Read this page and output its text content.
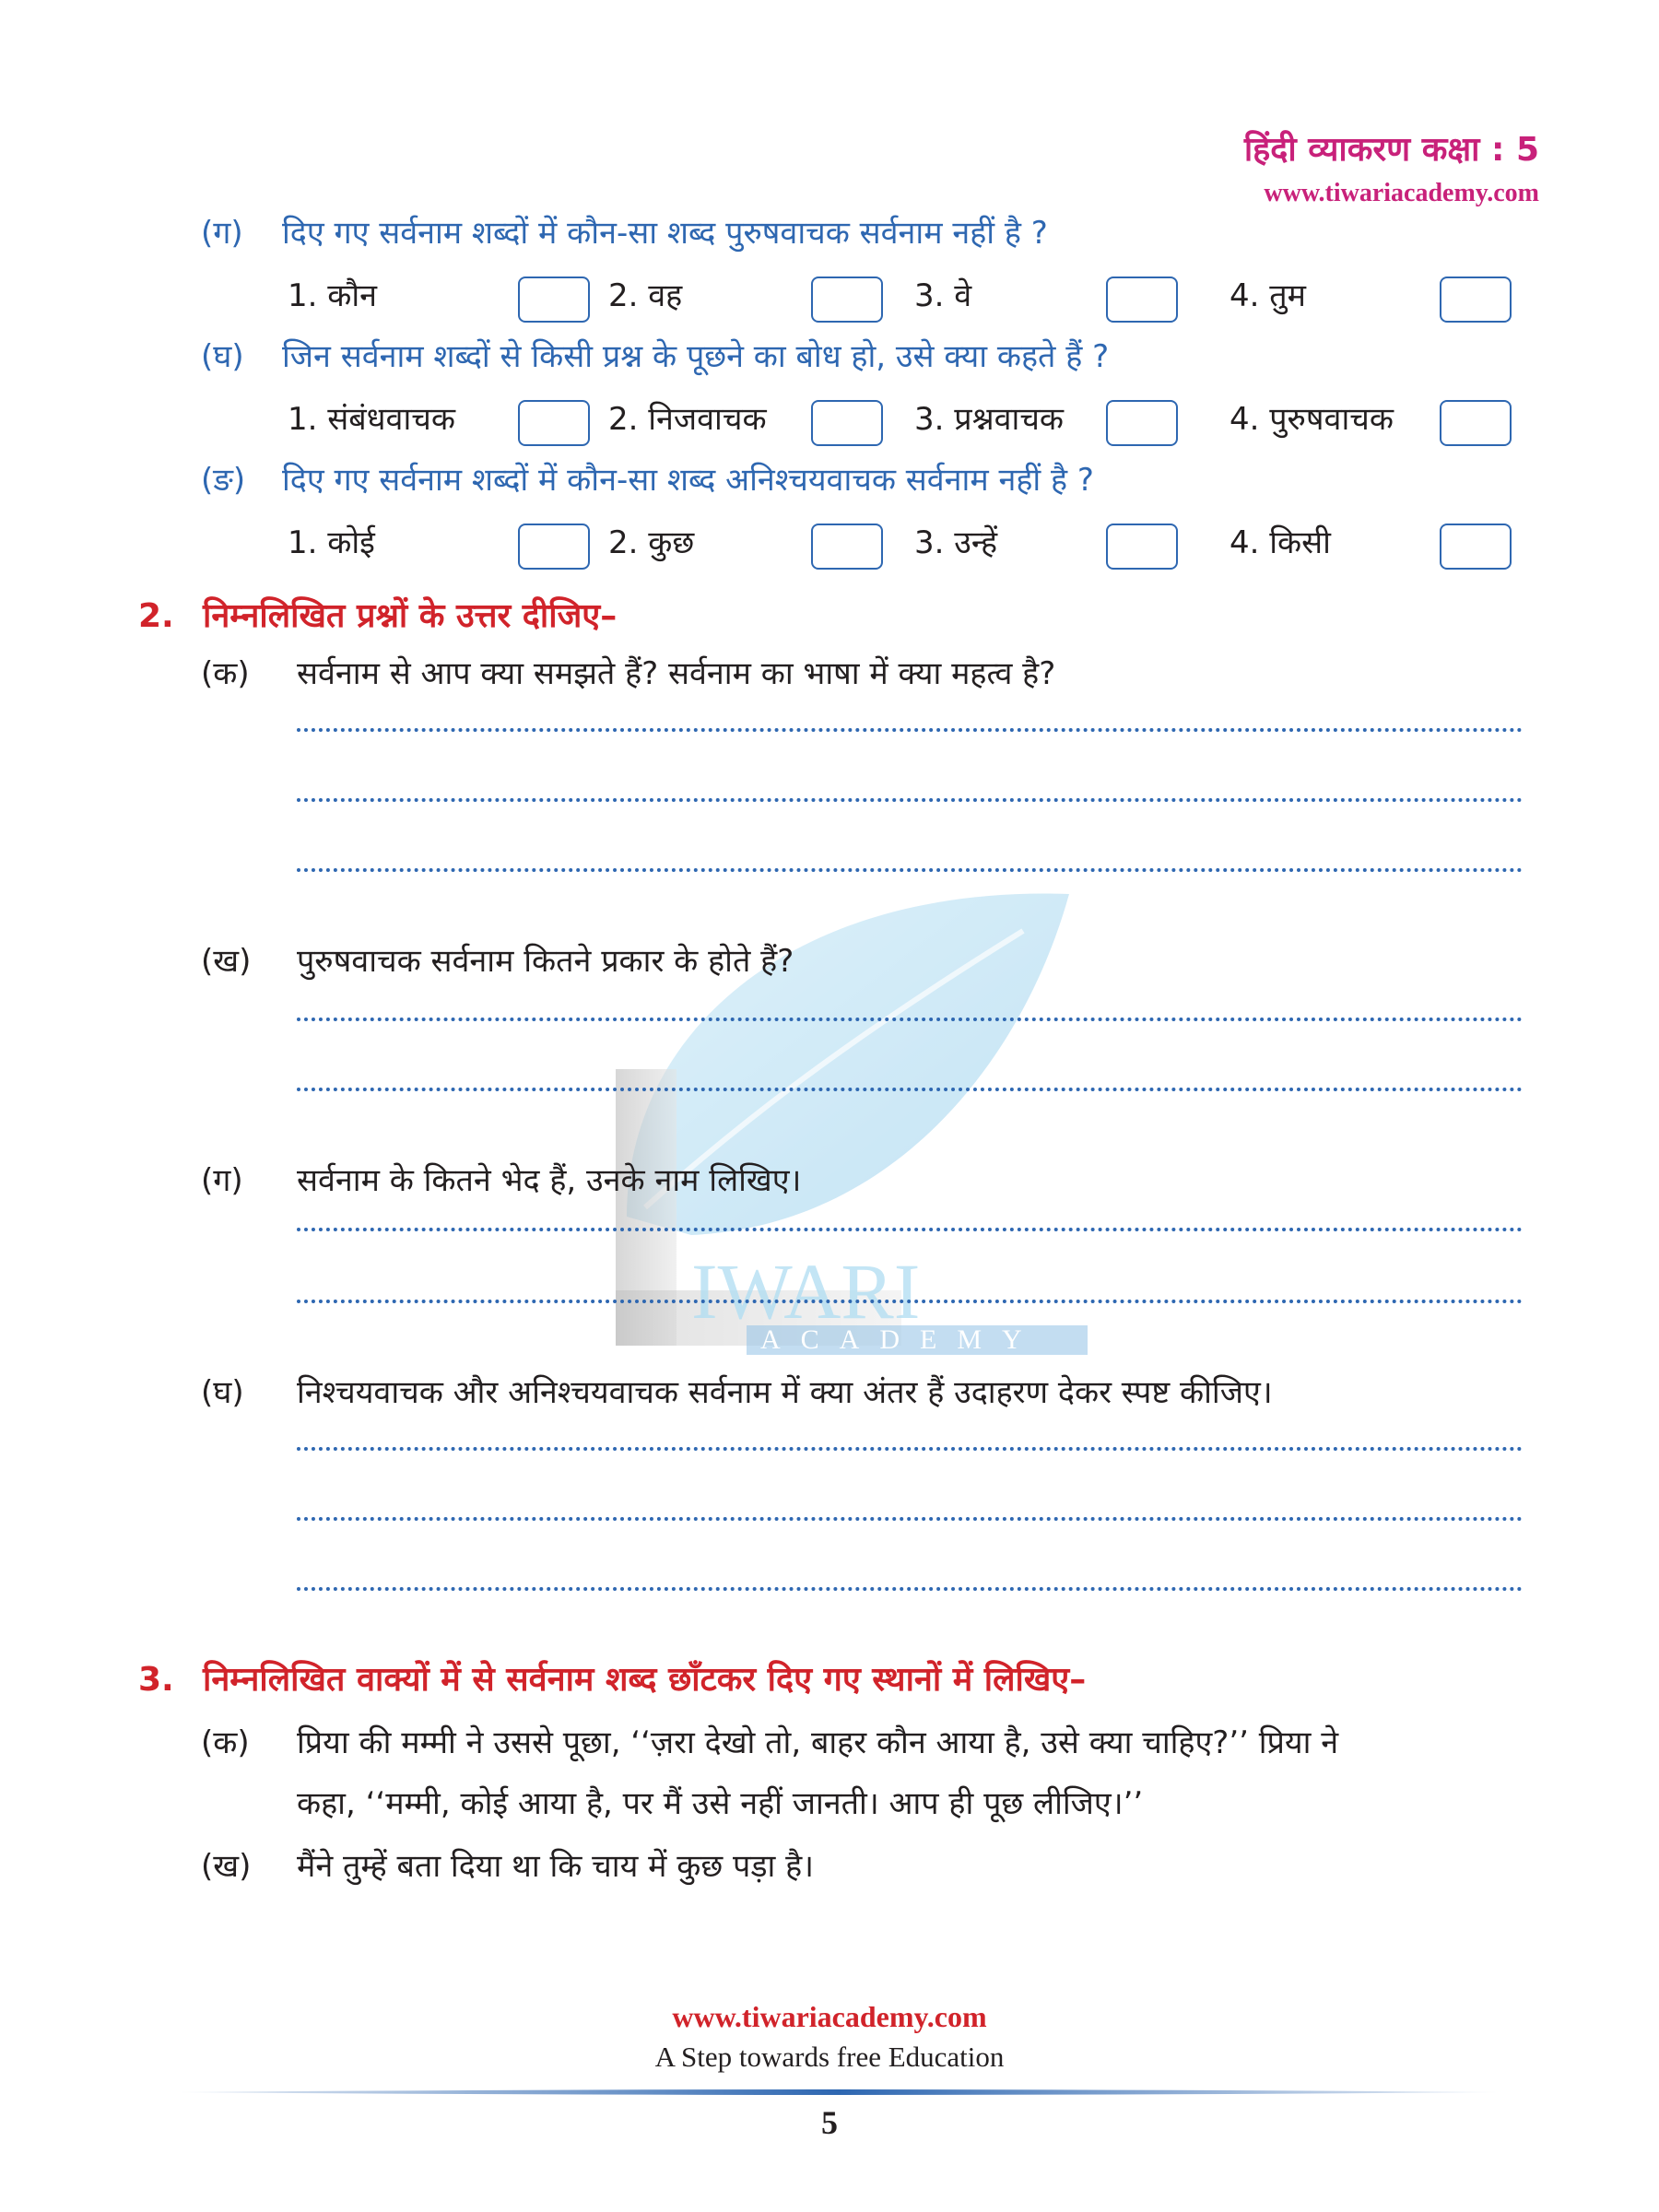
IWARI
ACADEMY
हिंदी व्याकरण कक्षा : 5
www.tiwariacademy.com
(ग) दिए गए सर्वनाम शब्दों में कौन-सा शब्द पुरुषवाचक सर्वनाम नहीं है ?
1. कौन	2. वह	3. वे	4. तुम
(घ) जिन सर्वनाम शब्दों से किसी प्रश्न के पूछने का बोध हो, उसे क्या कहते हैं ?
1. संबंधवाचक	2. निजवाचक	3. प्रश्नवाचक	4. पुरुषवाचक
(ङ) दिए गए सर्वनाम शब्दों में कौन-सा शब्द अनिश्चयवाचक सर्वनाम नहीं है ?
1. कोई	2. कुछ	3. उन्हें	4. किसी
2. निम्नलिखित प्रश्नों के उत्तर दीजिए–
(क) सर्वनाम से आप क्या समझते हैं? सर्वनाम का भाषा में क्या महत्व है?
(ख) पुरुषवाचक सर्वनाम कितने प्रकार के होते हैं?
(ग) सर्वनाम के कितने भेद हैं, उनके नाम लिखिए।
(घ) निश्चयवाचक और अनिश्चयवाचक सर्वनाम में क्या अंतर हैं उदाहरण देकर स्पष्ट कीजिए।
3. निम्नलिखित वाक्यों में से सर्वनाम शब्द छाँटकर दिए गए स्थानों में लिखिए–
(क) प्रिया की मम्मी ने उससे पूछा, ‘‘ज़रा देखो तो, बाहर कौन आया है, उसे क्या चाहिए?’’ प्रिया ने
कहा, ‘‘मम्मी, कोई आया है, पर मैं उसे नहीं जानती। आप ही पूछ लीजिए।’’
(ख) मैंने तुम्हें बता दिया था कि चाय में कुछ पड़ा है।
www.tiwariacademy.com
A Step towards free Education
5
